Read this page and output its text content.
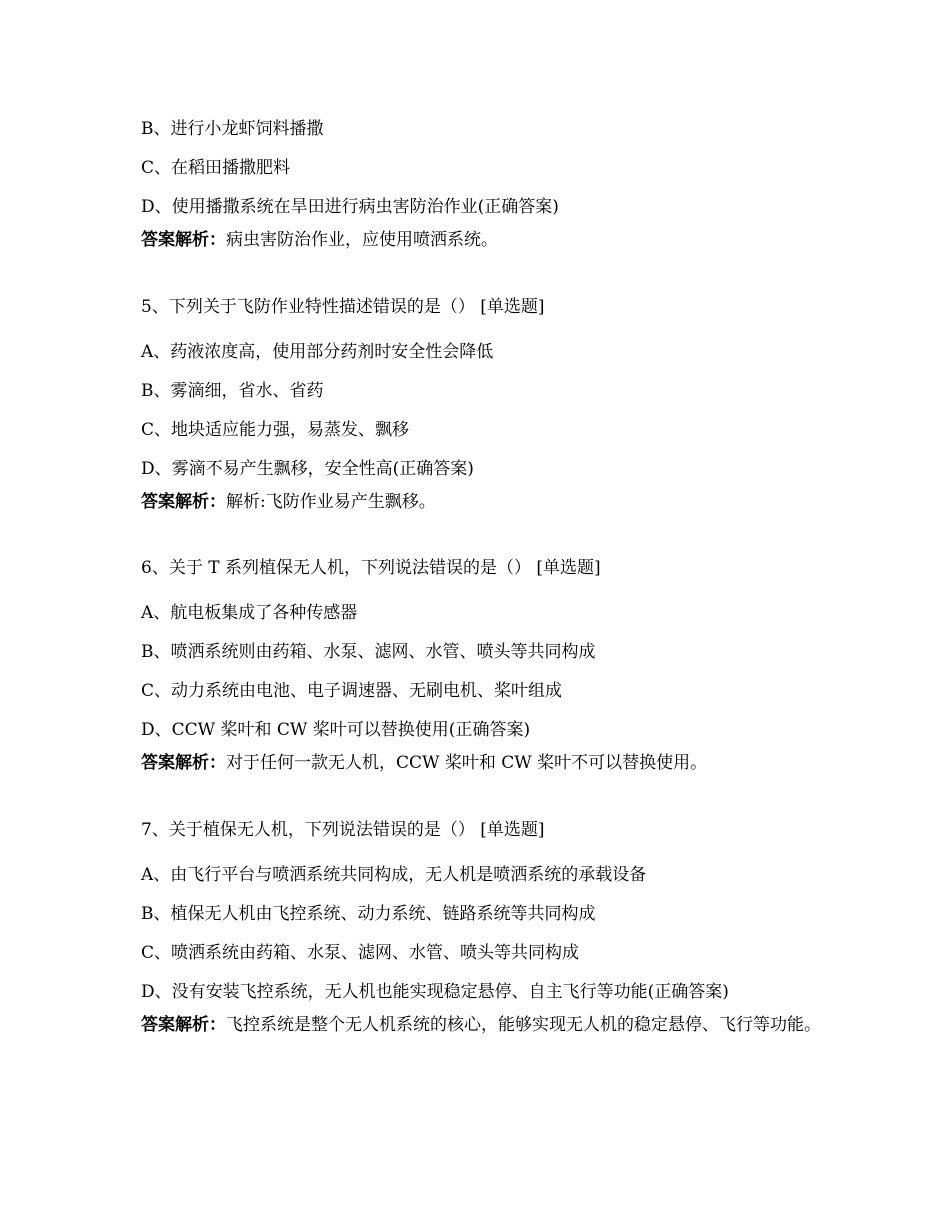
B、进行小龙虾饲料播撒
C、在稻田播撒肥料
D、使用播撒系统在旱田进行病虫害防治作业(正确答案)
答案解析：病虫害防治作业，应使用喷洒系统。
5、下列关于飞防作业特性描述错误的是（） [单选题]
A、药液浓度高，使用部分药剂时安全性会降低
B、雾滴细，省水、省药
C、地块适应能力强，易蒸发、飘移
D、雾滴不易产生飘移，安全性高(正确答案)
答案解析：解析:飞防作业易产生飘移。
6、关于 T 系列植保无人机，下列说法错误的是（） [单选题]
A、航电板集成了各种传感器
B、喷洒系统则由药箱、水泵、滤网、水管、喷头等共同构成
C、动力系统由电池、电子调速器、无刷电机、桨叶组成
D、CCW 桨叶和 CW 桨叶可以替换使用(正确答案)
答案解析：对于任何一款无人机，CCW 桨叶和 CW 桨叶不可以替换使用。
7、关于植保无人机，下列说法错误的是（） [单选题]
A、由飞行平台与喷洒系统共同构成，无人机是喷洒系统的承载设备
B、植保无人机由飞控系统、动力系统、链路系统等共同构成
C、喷洒系统由药箱、水泵、滤网、水管、喷头等共同构成
D、没有安装飞控系统，无人机也能实现稳定悬停、自主飞行等功能(正确答案)
答案解析：飞控系统是整个无人机系统的核心，能够实现无人机的稳定悬停、飞行等功能。
